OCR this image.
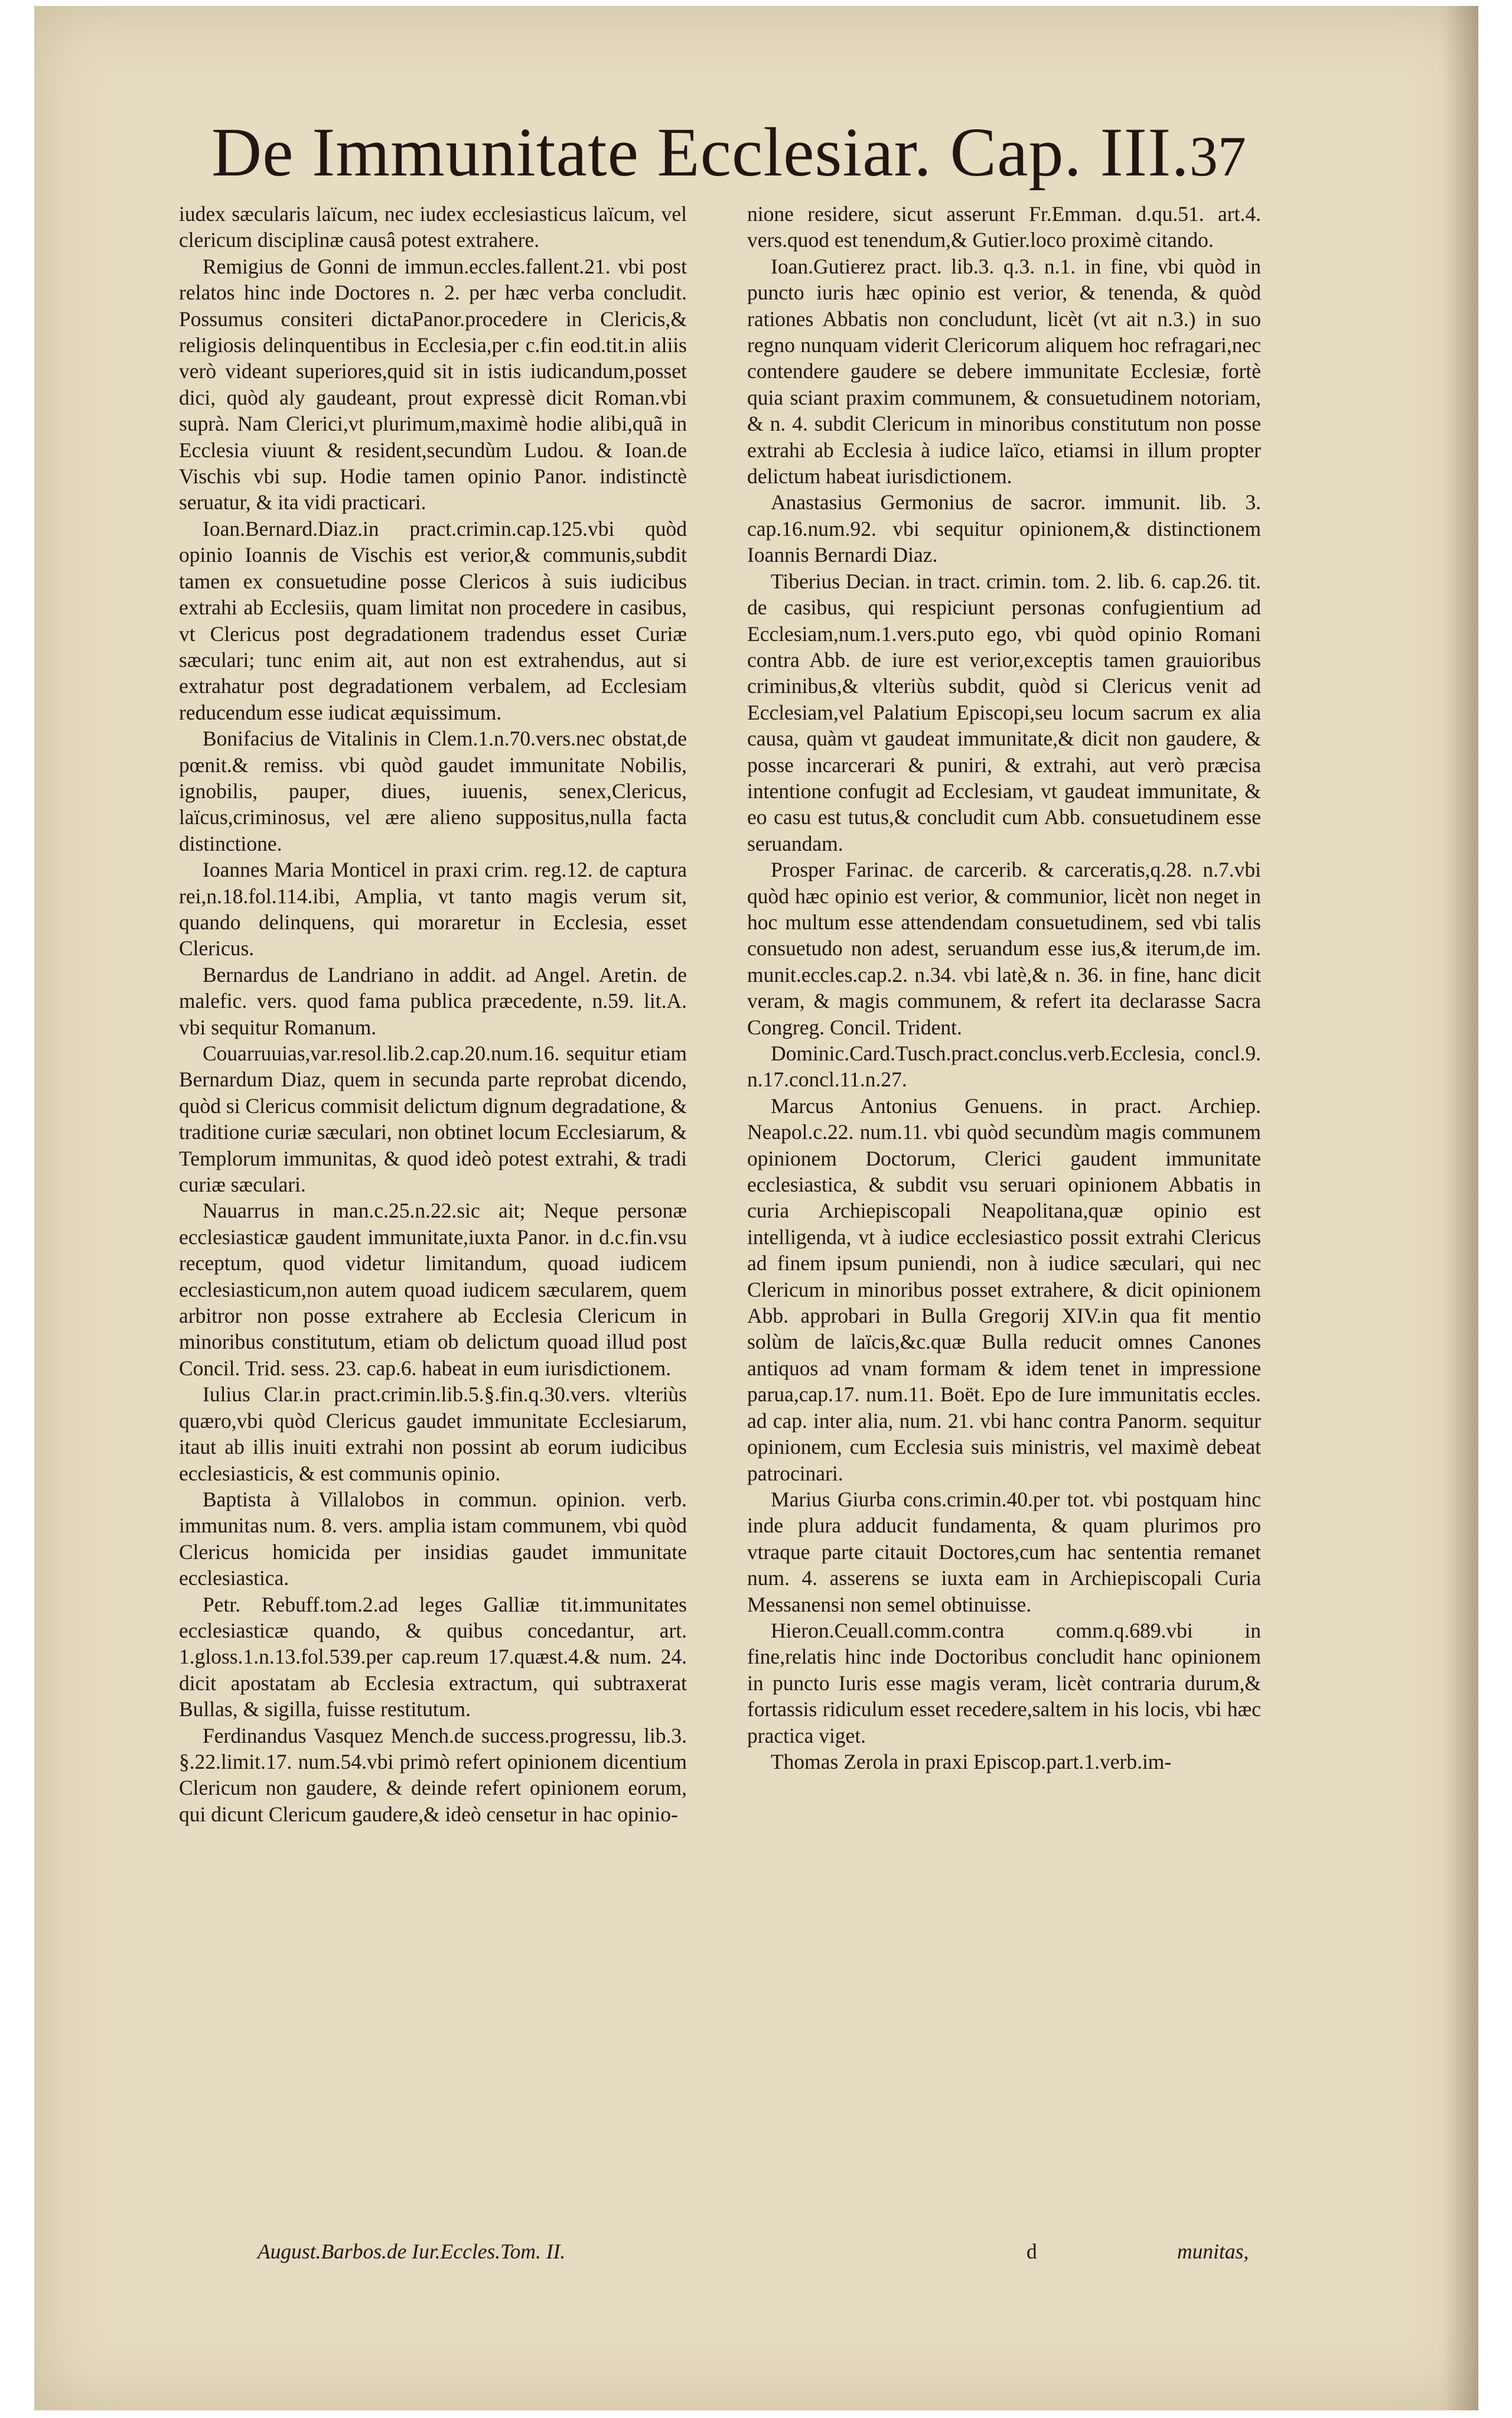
De Immunitate Ecclesiar. Cap. III. 37

iudex sæcularis laïcum, nec iudex ecclesiasticus laïcum, vel clericum disciplinæ causâ potest extrahere.

Remigius de Gonni de immun.eccles.fallent.21. vbi post relatos hinc inde Doctores n. 2. per hæc verba concludit. Possumus consiteri dictaPanor.procedere in Clericis,& religiosis delinquentibus in Ecclesia,per c.fin eod.tit.in aliis verò videant superiores,quid sit in istis iudicandum,posset dici, quòd aly gaudeant, prout expressè dicit Roman.vbi suprà. Nam Clerici,vt plurimum,maximè hodie alibi,quã in Ecclesia viuunt & resident,secundùm Ludou. & Ioan.de Vischis vbi sup. Hodie tamen opinio Panor. indistinctè seruatur, & ita vidi practicari.

Ioan.Bernard.Diaz.in pract.crimin.cap.125.vbi quòd opinio Ioannis de Vischis est verior,& communis,subdit tamen ex consuetudine posse Clericos à suis iudicibus extrahi ab Ecclesiis, quam limitat non procedere in casibus, vt Clericus post degradationem tradendus esset Curiæ sæculari; tunc enim ait, aut non est extrahendus, aut si extrahatur post degradationem verbalem, ad Ecclesiam reducendum esse iudicat æquissimum.

Bonifacius de Vitalinis in Clem.1.n.70.vers.nec obstat,de pœnit.& remiss. vbi quòd gaudet immunitate Nobilis, ignobilis, pauper, diues, iuuenis, senex,Clericus, laïcus,criminosus, vel ære alieno suppositus,nulla facta distinctione.

Ioannes Maria Monticel in praxi crim. reg.12. de captura rei,n.18.fol.114.ibi, Amplia, vt tanto magis verum sit, quando delinquens, qui moraretur in Ecclesia, esset Clericus.

Bernardus de Landriano in addit. ad Angel. Aretin. de malefic. vers. quod fama publica præcedente, n.59. lit.A. vbi sequitur Romanum.

Couarruuias,var.resol.lib.2.cap.20.num.16. sequitur etiam Bernardum Diaz, quem in secunda parte reprobat dicendo, quòd si Clericus commisit delictum dignum degradatione, & traditione curiæ sæculari, non obtinet locum Ecclesiarum, & Templorum immunitas, & quod ideò potest extrahi, & tradi curiæ sæculari.

Nauarrus in man.c.25.n.22.sic ait; Neque personæ ecclesiasticæ gaudent immunitate,iuxta Panor. in d.c.fin.vsu receptum, quod videtur limitandum, quoad iudicem ecclesiasticum,non autem quoad iudicem sæcularem, quem arbitror non posse extrahere ab Ecclesia Clericum in minoribus constitutum, etiam ob delictum quoad illud post Concil. Trid. sess. 23. cap.6. habeat in eum iurisdictionem.

Iulius Clar.in pract.crimin.lib.5.§.fin.q.30.vers. vlteriùs quæro,vbi quòd Clericus gaudet immunitate Ecclesiarum, itaut ab illis inuiti extrahi non possint ab eorum iudicibus ecclesiasticis, & est communis opinio.

Baptista à Villalobos in commun. opinion. verb. immunitas num. 8. vers. amplia istam communem, vbi quòd Clericus homicida per insidias gaudet immunitate ecclesiastica.

Petr. Rebuff.tom.2.ad leges Galliæ tit.immunitates ecclesiasticæ quando, & quibus concedantur, art. 1.gloss.1.n.13.fol.539.per cap.reum 17.quæst.4.& num. 24. dicit apostatam ab Ecclesia extractum, qui subtraxerat Bullas, & sigilla, fuisse restitutum.

Ferdinandus Vasquez Mench.de success.progressu, lib.3. §.22.limit.17. num.54.vbi primò refert opinionem dicentium Clericum non gaudere, & deinde refert opinionem eorum, qui dicunt Clericum gaudere,& ideò censetur in hac opinio-

nione residere, sicut asserunt Fr.Emman. d.qu.51. art.4. vers.quod est tenendum,& Gutier.loco proximè citando.

Ioan.Gutierez pract. lib.3. q.3. n.1. in fine, vbi quòd in puncto iuris hæc opinio est verior, & tenenda, & quòd rationes Abbatis non concludunt, licèt (vt ait n.3.) in suo regno nunquam viderit Clericorum aliquem hoc refragari,nec contendere gaudere se debere immunitate Ecclesiæ, fortè quia sciant praxim communem, & consuetudinem notoriam, & n. 4. subdit Clericum in minoribus constitutum non posse extrahi ab Ecclesia à iudice laïco, etiamsi in illum propter delictum habeat iurisdictionem.

Anastasius Germonius de sacror. immunit. lib. 3. cap.16.num.92. vbi sequitur opinionem,& distinctionem Ioannis Bernardi Diaz.

Tiberius Decian. in tract. crimin. tom. 2. lib. 6. cap.26. tit. de casibus, qui respiciunt personas confugientium ad Ecclesiam,num.1.vers.puto ego, vbi quòd opinio Romani contra Abb. de iure est verior,exceptis tamen grauioribus criminibus,& vlteriùs subdit, quòd si Clericus venit ad Ecclesiam,vel Palatium Episcopi,seu locum sacrum ex alia causa, quàm vt gaudeat immunitate,& dicit non gaudere, & posse incarcerari & puniri, & extrahi, aut verò præcisa intentione confugit ad Ecclesiam, vt gaudeat immunitate, & eo casu est tutus,& concludit cum Abb. consuetudinem esse seruandam.

Prosper Farinac. de carcerib. & carceratis,q.28. n.7.vbi quòd hæc opinio est verior, & communior, licèt non neget in hoc multum esse attendendam consuetudinem, sed vbi talis consuetudo non adest, seruandum esse ius,& iterum,de im. munit.eccles.cap.2. n.34. vbi latè,& n. 36. in fine, hanc dicit veram, & magis communem, & refert ita declarasse Sacra Congreg. Concil. Trident.

Dominic.Card.Tusch.pract.conclus.verb.Ecclesia, concl.9. n.17.concl.11.n.27.

Marcus Antonius Genuens. in pract. Archiep. Neapol.c.22. num.11. vbi quòd secundùm magis communem opinionem Doctorum, Clerici gaudent immunitate ecclesiastica, & subdit vsu seruari opinionem Abbatis in curia Archiepiscopali Neapolitana,quæ opinio est intelligenda, vt à iudice ecclesiastico possit extrahi Clericus ad finem ipsum puniendi, non à iudice sæculari, qui nec Clericum in minoribus posset extrahere, & dicit opinionem Abb. approbari in Bulla Gregorij XIV.in qua fit mentio solùm de laïcis,&c.quæ Bulla reducit omnes Canones antiquos ad vnam formam & idem tenet in impressione parua,cap.17. num.11. Boët. Epo de Iure immunitatis eccles. ad cap. inter alia, num. 21. vbi hanc contra Panorm. sequitur opinionem, cum Ecclesia suis ministris, vel maximè debeat patrocinari.

Marius Giurba cons.crimin.40.per tot. vbi postquam hinc inde plura adducit fundamenta, & quam plurimos pro vtraque parte citauit Doctores,cum hac sententia remanet num. 4. asserens se iuxta eam in Archiepiscopali Curia Messanensi non semel obtinuisse.

Hieron.Ceuall.comm.contra comm.q.689.vbi in fine,relatis hinc inde Doctoribus concludit hanc opinionem in puncto Iuris esse magis veram, licèt contraria durum,& fortassis ridiculum esset recedere,saltem in his locis, vbi hæc practica viget.

Thomas Zerola in praxi Episcop.part.1.verb.im-

August.Barbos.de Iur.Eccles.Tom. II.	d	munitas,
